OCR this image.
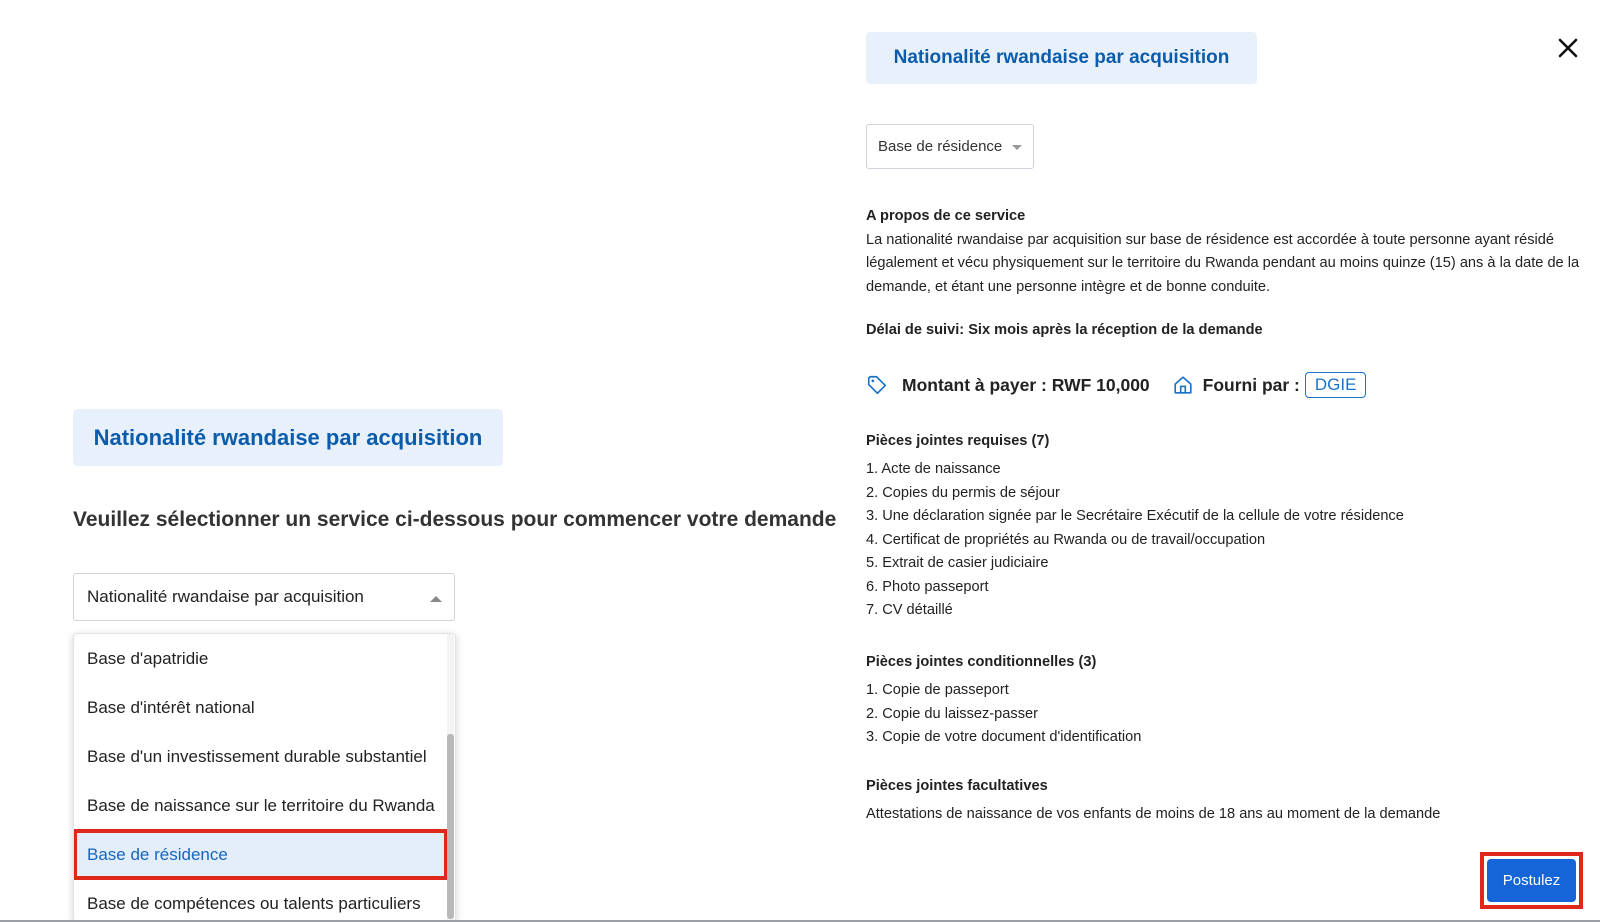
Nationalité rwandaise par acquisition
Veuillez sélectionner un service ci-dessous pour commencer votre demande
Nationalité rwandaise par acquisition
Base d'apatridie
Base d'intérêt national
Base d'un investissement durable substantiel
Base de naissance sur le territoire du Rwanda
Base de résidence
Base de compétences ou talents particuliers
Nationalité rwandaise par acquisition
Base de résidence
A propos de ce service
La nationalité rwandaise par acquisition sur base de résidence est accordée à toute personne ayant résidé légalement et vécu physiquement sur le territoire du Rwanda pendant au moins quinze (15) ans à la date de la demande, et étant une personne intègre et de bonne conduite.
Délai de suivi: Six mois après la réception de la demande
Montant à payer : RWF 10,000	Fourni par : DGIE
Pièces jointes requises (7)
1. Acte de naissance
2. Copies du permis de séjour
3. Une déclaration signée par le Secrétaire Exécutif de la cellule de votre résidence
4. Certificat de propriétés au Rwanda ou de travail/occupation
5. Extrait de casier judiciaire
6. Photo passeport
7. CV détaillé
Pièces jointes conditionnelles (3)
1. Copie de passeport
2. Copie du laissez-passer
3. Copie de votre document d'identification
Pièces jointes facultatives
Attestations de naissance de vos enfants de moins de 18 ans au moment de la demande
Postulez
